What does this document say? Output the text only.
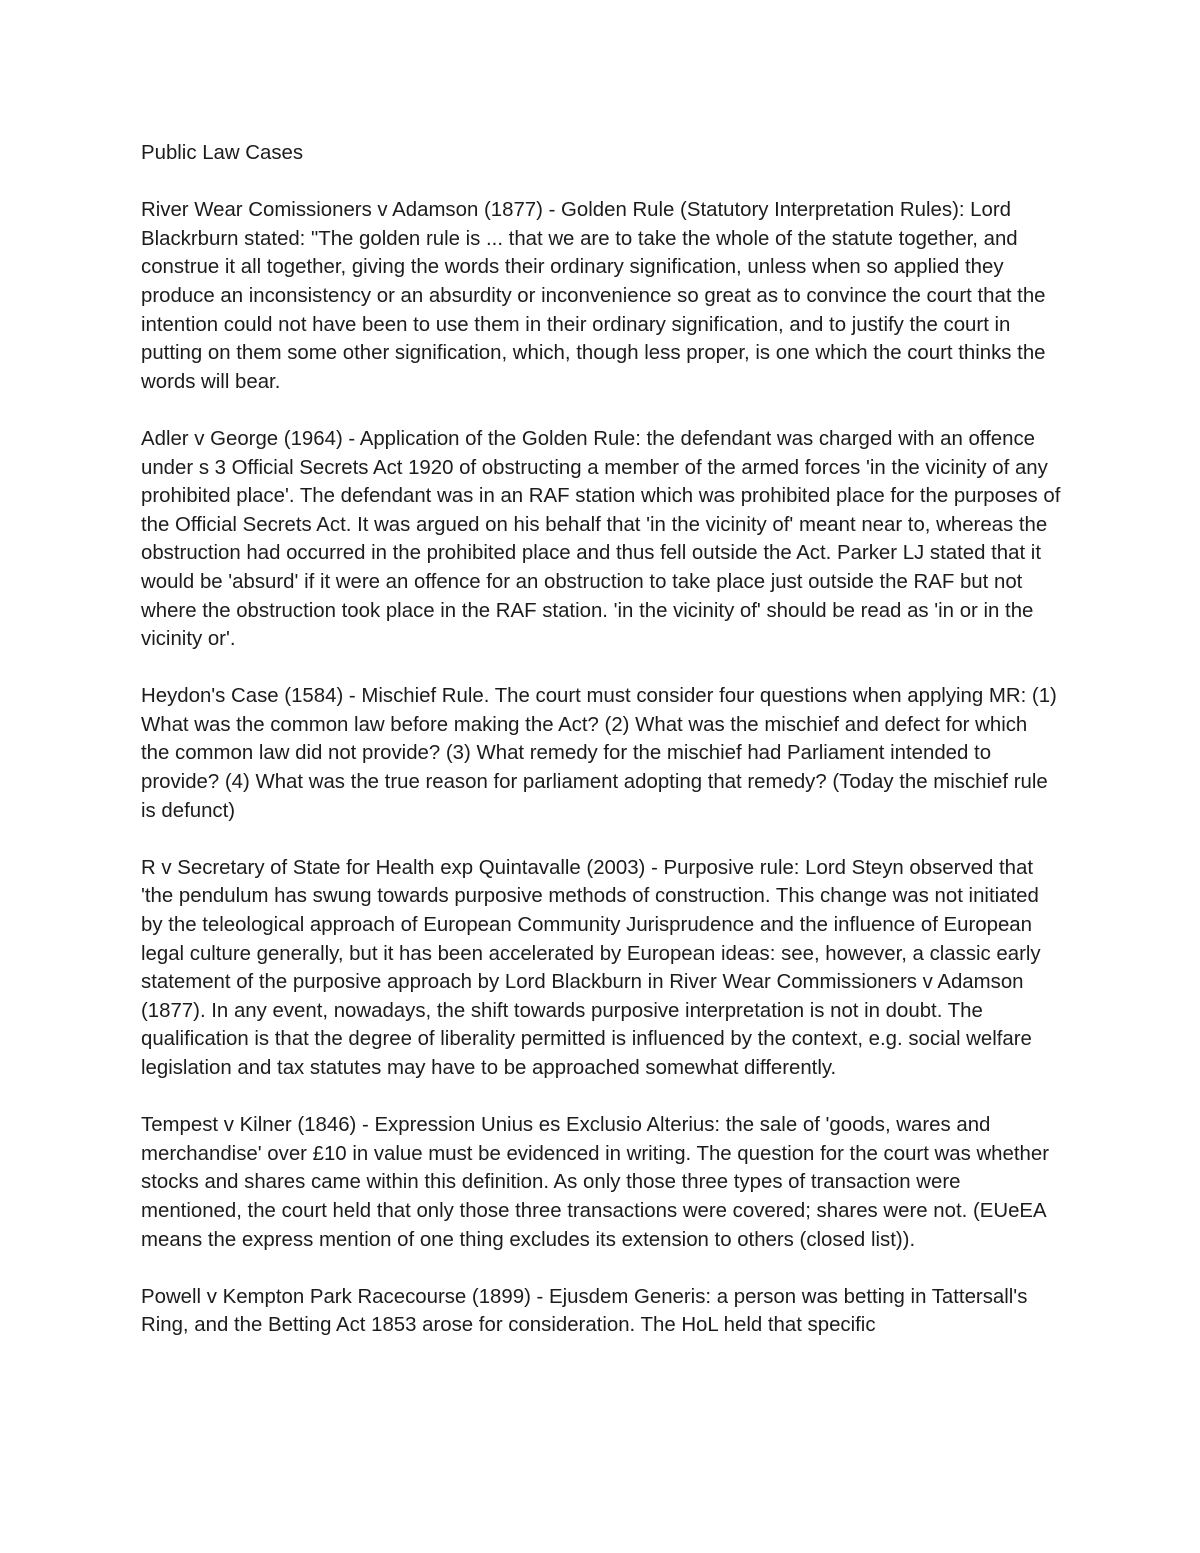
Public Law Cases

River Wear Comissioners v Adamson (1877) - Golden Rule (Statutory Interpretation Rules): Lord Blackrburn stated: "The golden rule is ... that we are to take the whole of the statute together, and construe it all together, giving the words their ordinary signification, unless when so applied they produce an inconsistency or an absurdity or inconvenience so great as to convince the court that the intention could not have been to use them in their ordinary signification, and to justify the court in putting on them some other signification, which, though less proper, is one which the court thinks the words will bear.

Adler v George (1964) - Application of the Golden Rule: the defendant was charged with an offence under s 3 Official Secrets Act 1920 of obstructing a member of the armed forces 'in the vicinity of any prohibited place'. The defendant was in an RAF station which was prohibited place for the purposes of the Official Secrets Act. It was argued on his behalf that 'in the vicinity of' meant near to, whereas the obstruction had occurred in the prohibited place and thus fell outside the Act. Parker LJ stated that it would be 'absurd' if it were an offence for an obstruction to take place just outside the RAF but not where the obstruction took place in the RAF station. 'in the vicinity of' should be read as 'in or in the vicinity or'.

Heydon's Case (1584) - Mischief Rule. The court must consider four questions when applying MR: (1) What was the common law before making the Act? (2) What was the mischief and defect for which the common law did not provide? (3) What remedy for the mischief had Parliament intended to provide? (4) What was the true reason for parliament adopting that remedy? (Today the mischief rule is defunct)

R v Secretary of State for Health exp Quintavalle (2003) - Purposive rule: Lord Steyn observed that 'the pendulum has swung towards purposive methods of construction. This change was not initiated by the teleological approach of European Community Jurisprudence and the influence of European legal culture generally, but it has been accelerated by European ideas: see, however, a classic early statement of the purposive approach by Lord Blackburn in River Wear Commissioners v Adamson (1877). In any event, nowadays, the shift towards purposive interpretation is not in doubt. The qualification is that the degree of liberality permitted is influenced by the context, e.g. social welfare legislation and tax statutes may have to be approached somewhat differently.

Tempest v Kilner (1846) - Expression Unius es Exclusio Alterius: the sale of 'goods, wares and merchandise' over £10 in value must be evidenced in writing. The question for the court was whether stocks and shares came within this definition. As only those three types of transaction were mentioned, the court held that only those three transactions were covered; shares were not. (EUeEA means the express mention of one thing excludes its extension to others (closed list)).

Powell v Kempton Park Racecourse (1899) - Ejusdem Generis: a person was betting in Tattersall's Ring, and the Betting Act 1853 arose for consideration. The HoL held that specific
